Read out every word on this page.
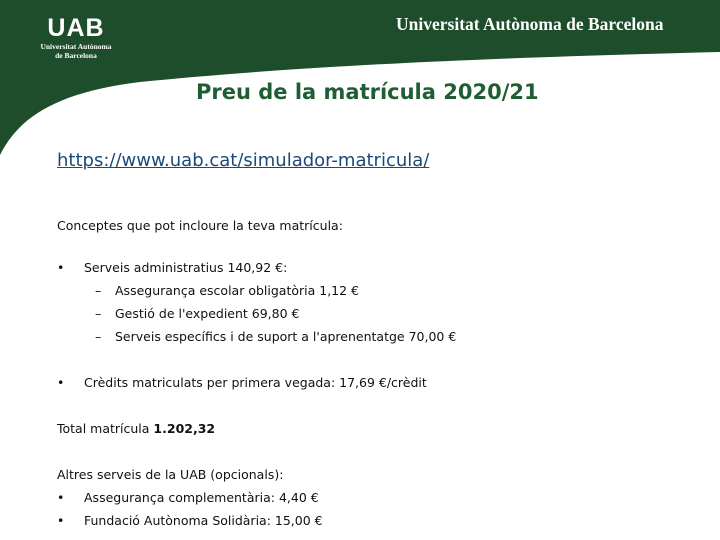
UAB
Universitat Autònoma
de Barcelona
Universitat Autònoma de Barcelona
Preu de la matrícula 2020/21
https://www.uab.cat/simulador-matricula/
Conceptes que pot incloure la teva matrícula:
• Serveis administratius 140,92 €:
– Assegurança escolar obligatòria 1,12 €
– Gestió de l'expedient 69,80 €
– Serveis específics i de suport a l'aprenentatge 70,00 €
• Crèdits matriculats per primera vegada: 17,69 €/crèdit
Total matrícula 1.202,32
Altres serveis de la UAB (opcionals):
• Assegurança complementària: 4,40 €
• Fundació Autònoma Solidària: 15,00 €
